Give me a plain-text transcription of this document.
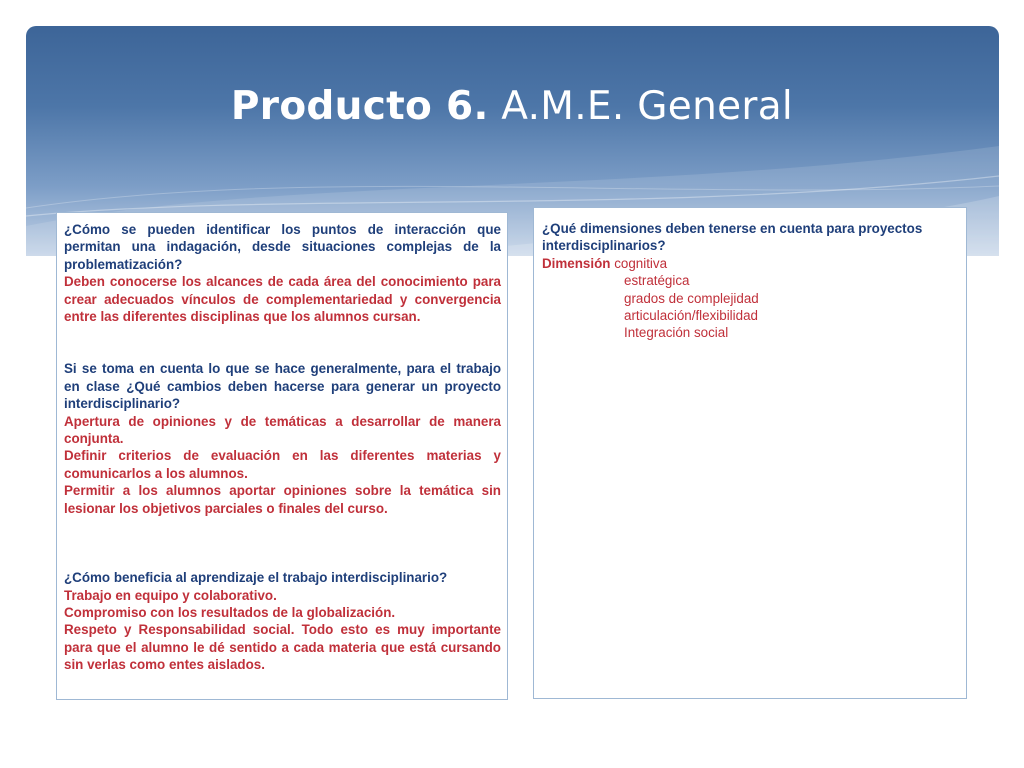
Producto 6. A.M.E. General

¿Cómo se pueden identificar los puntos de interacción que permitan una indagación, desde situaciones complejas de la problematización?

Deben conocerse los alcances de cada área del conocimiento para crear adecuados vínculos de complementariedad y convergencia entre las diferentes disciplinas que los alumnos cursan.

Si se toma en cuenta lo que se hace generalmente, para el trabajo en clase ¿Qué cambios deben hacerse para generar un proyecto interdisciplinario?

Apertura de opiniones y de temáticas a desarrollar de manera conjunta.

Definir criterios de evaluación en las diferentes materias y comunicarlos a los alumnos.

Permitir a los alumnos aportar opiniones sobre la temática sin lesionar los objetivos parciales o finales del curso.

¿Cómo beneficia al aprendizaje el trabajo interdisciplinario?

Trabajo en equipo y colaborativo.

Compromiso con los resultados de la globalización.

Respeto y Responsabilidad social. Todo esto es muy importante para que el alumno le dé sentido a cada materia que está cursando sin verlas como entes aislados.

¿Qué dimensiones deben tenerse en cuenta para proyectos interdisciplinarios?

Dimensión cognitiva

estratégica

grados de complejidad

articulación/flexibilidad

Integración social
